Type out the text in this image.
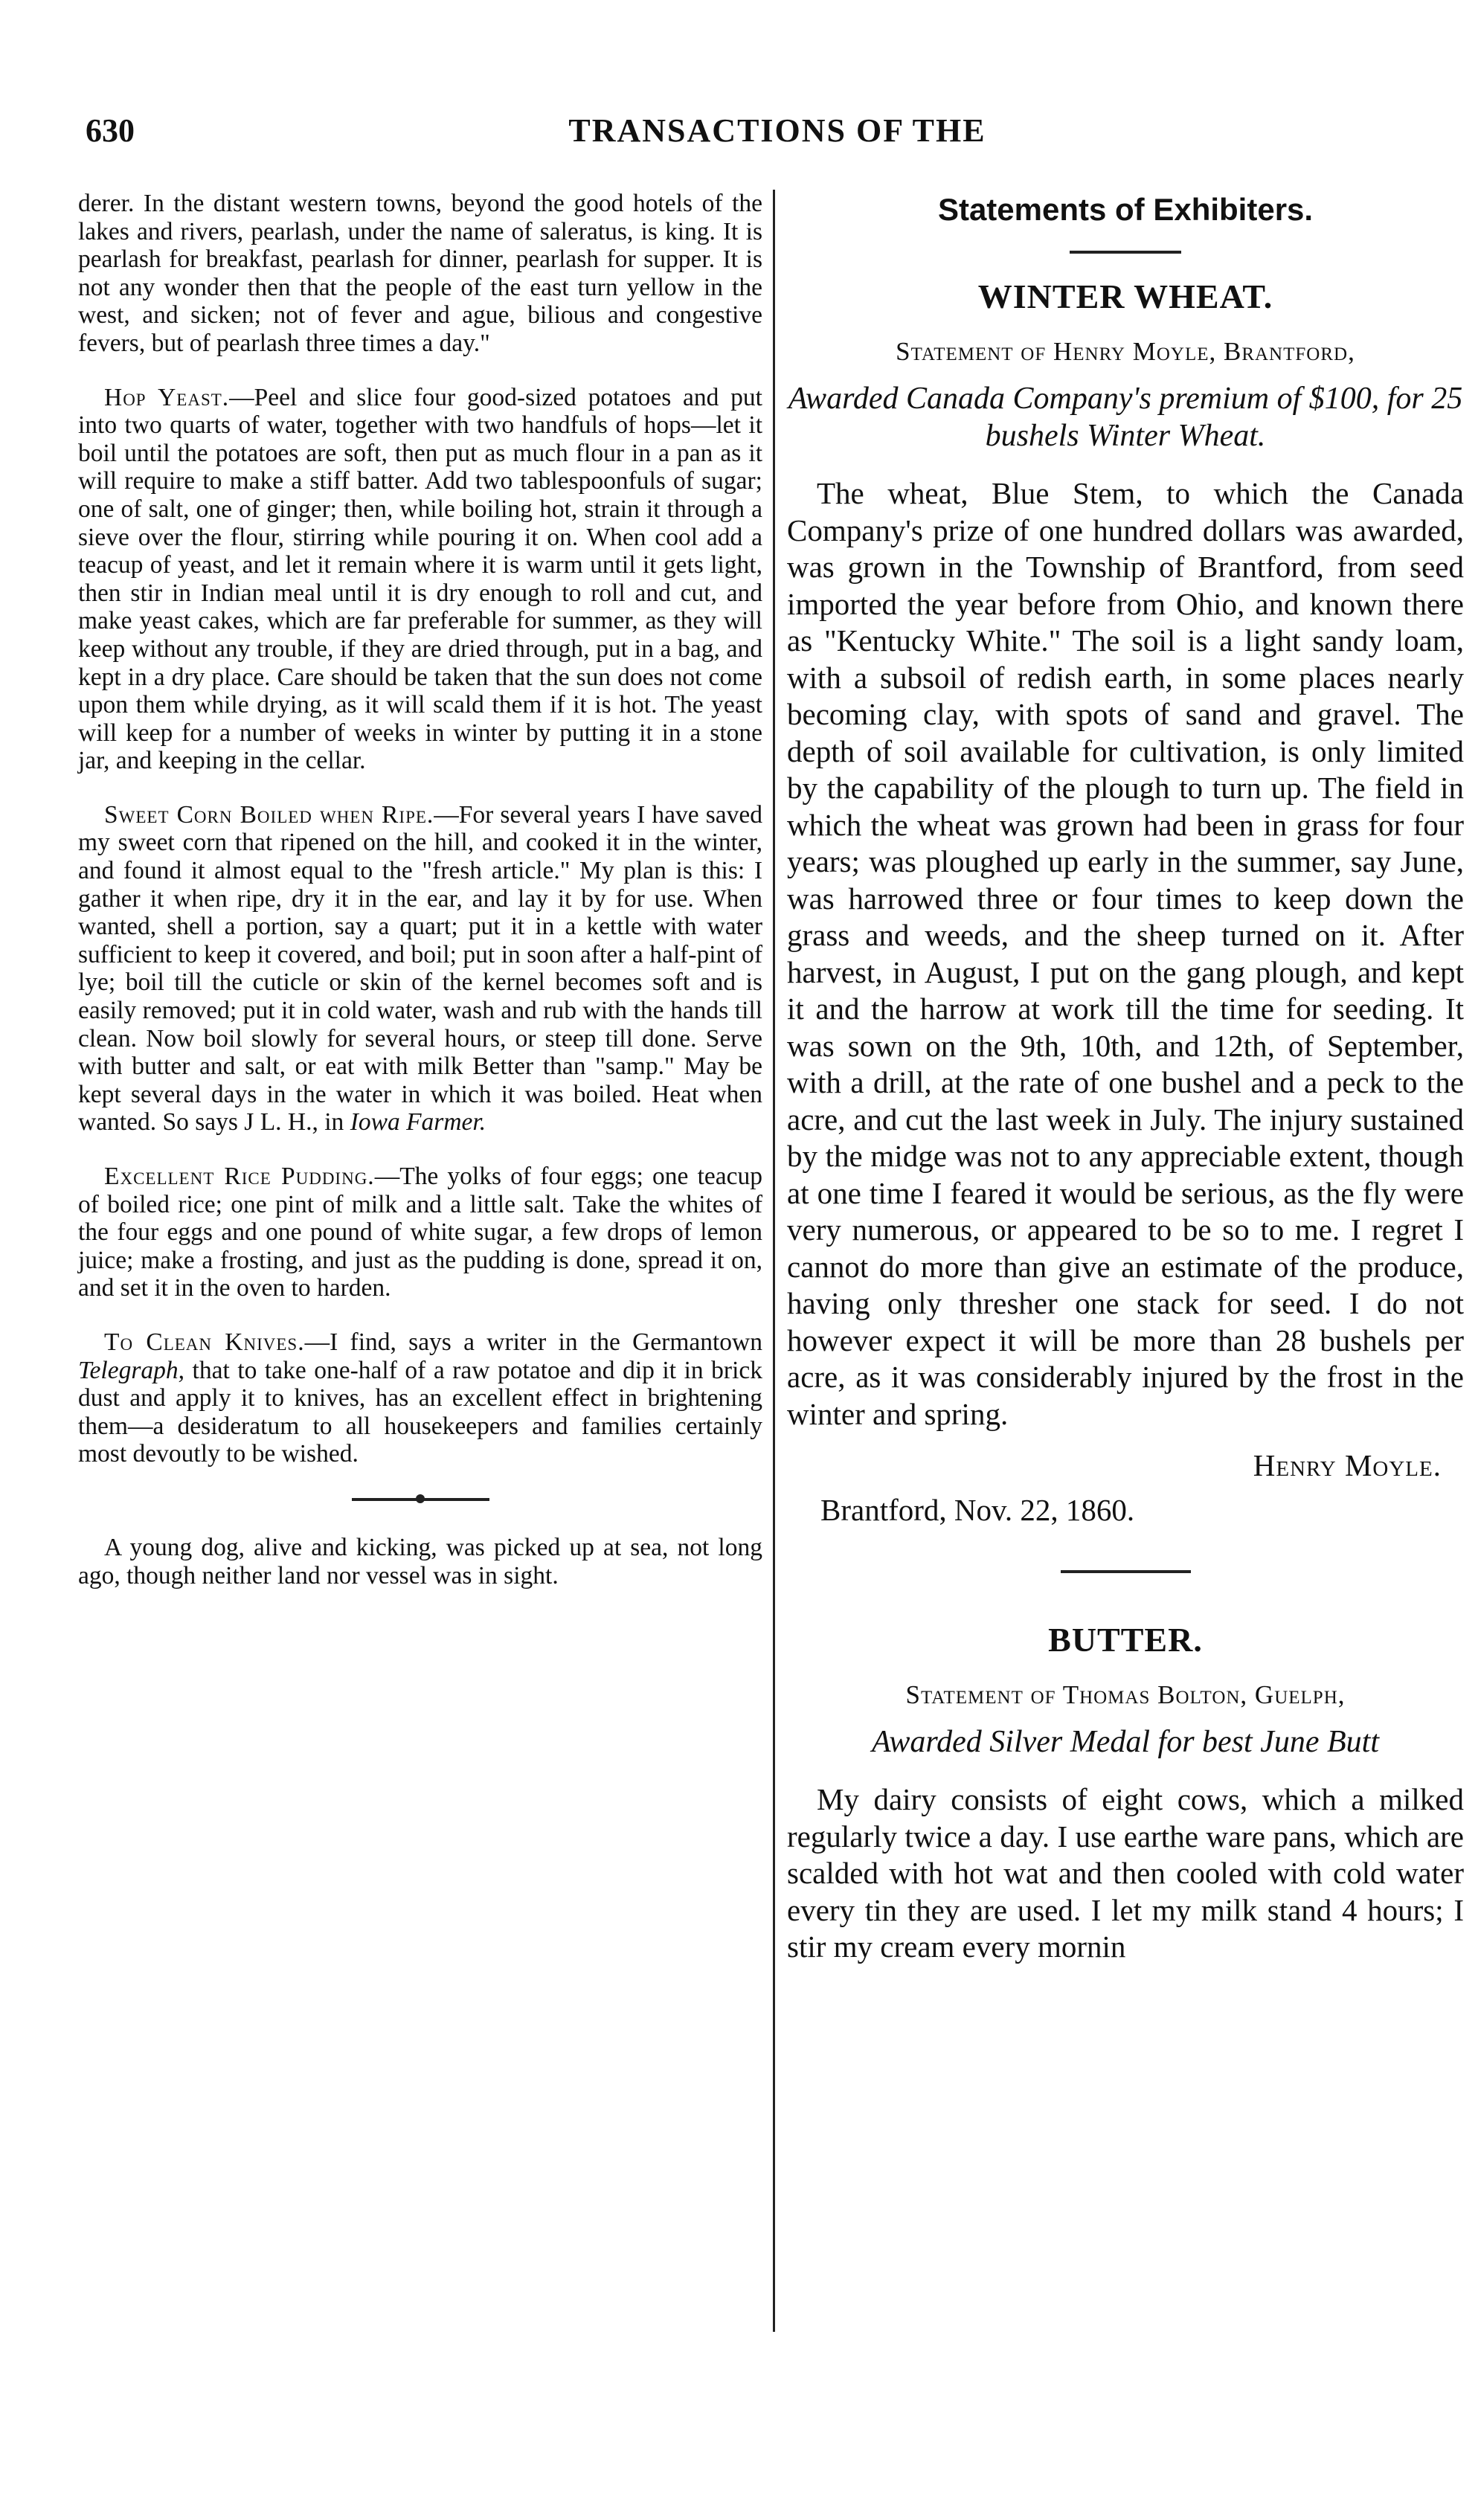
630	TRANSACTIONS OF THE

derer. In the distant western towns, beyond the good hotels of the lakes and rivers, pearlash, under the name of saleratus, is king. It is pearlash for breakfast, pearlash for dinner, pearlash for supper. It is not any wonder then that the people of the east turn yellow in the west, and sicken; not of fever and ague, bilious and congestive fevers, but of pearlash three times a day."

Hop Yeast.—Peel and slice four good-sized potatoes and put into two quarts of water, together with two handfuls of hops—let it boil until the potatoes are soft, then put as much flour in a pan as it will require to make a stiff batter. Add two tablespoonfuls of sugar; one of salt, one of ginger; then, while boiling hot, strain it through a sieve over the flour, stirring while pouring it on. When cool add a teacup of yeast, and let it remain where it is warm until it gets light, then stir in Indian meal until it is dry enough to roll and cut, and make yeast cakes, which are far preferable for summer, as they will keep without any trouble, if they are dried through, put in a bag, and kept in a dry place. Care should be taken that the sun does not come upon them while drying, as it will scald them if it is hot. The yeast will keep for a number of weeks in winter by putting it in a stone jar, and keeping in the cellar.

Sweet Corn Boiled when Ripe.—For several years I have saved my sweet corn that ripened on the hill, and cooked it in the winter, and found it almost equal to the "fresh article." My plan is this: I gather it when ripe, dry it in the ear, and lay it by for use. When wanted, shell a portion, say a quart; put it in a kettle with water sufficient to keep it covered, and boil; put in soon after a half-pint of lye; boil till the cuticle or skin of the kernel becomes soft and is easily removed; put it in cold water, wash and rub with the hands till clean. Now boil slowly for several hours, or steep till done. Serve with butter and salt, or eat with milk Better than "samp." May be kept several days in the water in which it was boiled. Heat when wanted. So says J L. H., in Iowa Farmer.

Excellent Rice Pudding.—The yolks of four eggs; one teacup of boiled rice; one pint of milk and a little salt. Take the whites of the four eggs and one pound of white sugar, a few drops of lemon juice; make a frosting, and just as the pudding is done, spread it on, and set it in the oven to harden.

To Clean Knives.—I find, says a writer in the Germantown Telegraph, that to take one-half of a raw potatoe and dip it in brick dust and apply it to knives, has an excellent effect in brightening them—a desideratum to all housekeepers and families certainly most devoutly to be wished.

A young dog, alive and kicking, was picked up at sea, not long ago, though neither land nor vessel was in sight.

Statements of Exhibiters.
WINTER WHEAT.

Statement of Henry Moyle, Brantford,

Awarded Canada Company's premium of $100, for 25 bushels Winter Wheat.

The wheat, Blue Stem, to which the Canada Company's prize of one hundred dollars was awarded, was grown in the Township of Brantford, from seed imported the year before from Ohio, and known there as "Kentucky White." The soil is a light sandy loam, with a subsoil of redish earth, in some places nearly becoming clay, with spots of sand and gravel. The depth of soil available for cultivation, is only limited by the capability of the plough to turn up. The field in which the wheat was grown had been in grass for four years; was ploughed up early in the summer, say June, was harrowed three or four times to keep down the grass and weeds, and the sheep turned on it. After harvest, in August, I put on the gang plough, and kept it and the harrow at work till the time for seeding. It was sown on the 9th, 10th, and 12th, of September, with a drill, at the rate of one bushel and a peck to the acre, and cut the last week in July. The injury sustained by the midge was not to any appreciable extent, though at one time I feared it would be serious, as the fly were very numerous, or appeared to be so to me. I regret I cannot do more than give an estimate of the produce, having only thresher one stack for seed. I do not however expect it will be more than 28 bushels per acre, as it was considerably injured by the frost in the winter and spring.

Henry Moyle.

Brantford, Nov. 22, 1860.

BUTTER.

Statement of Thomas Bolton, Guelph,

Awarded Silver Medal for best June Butt

My dairy consists of eight cows, which a milked regularly twice a day. I use earthe ware pans, which are scalded with hot wat and then cooled with cold water every tin they are used. I let my milk stand 4 hours; I stir my cream every mornin
